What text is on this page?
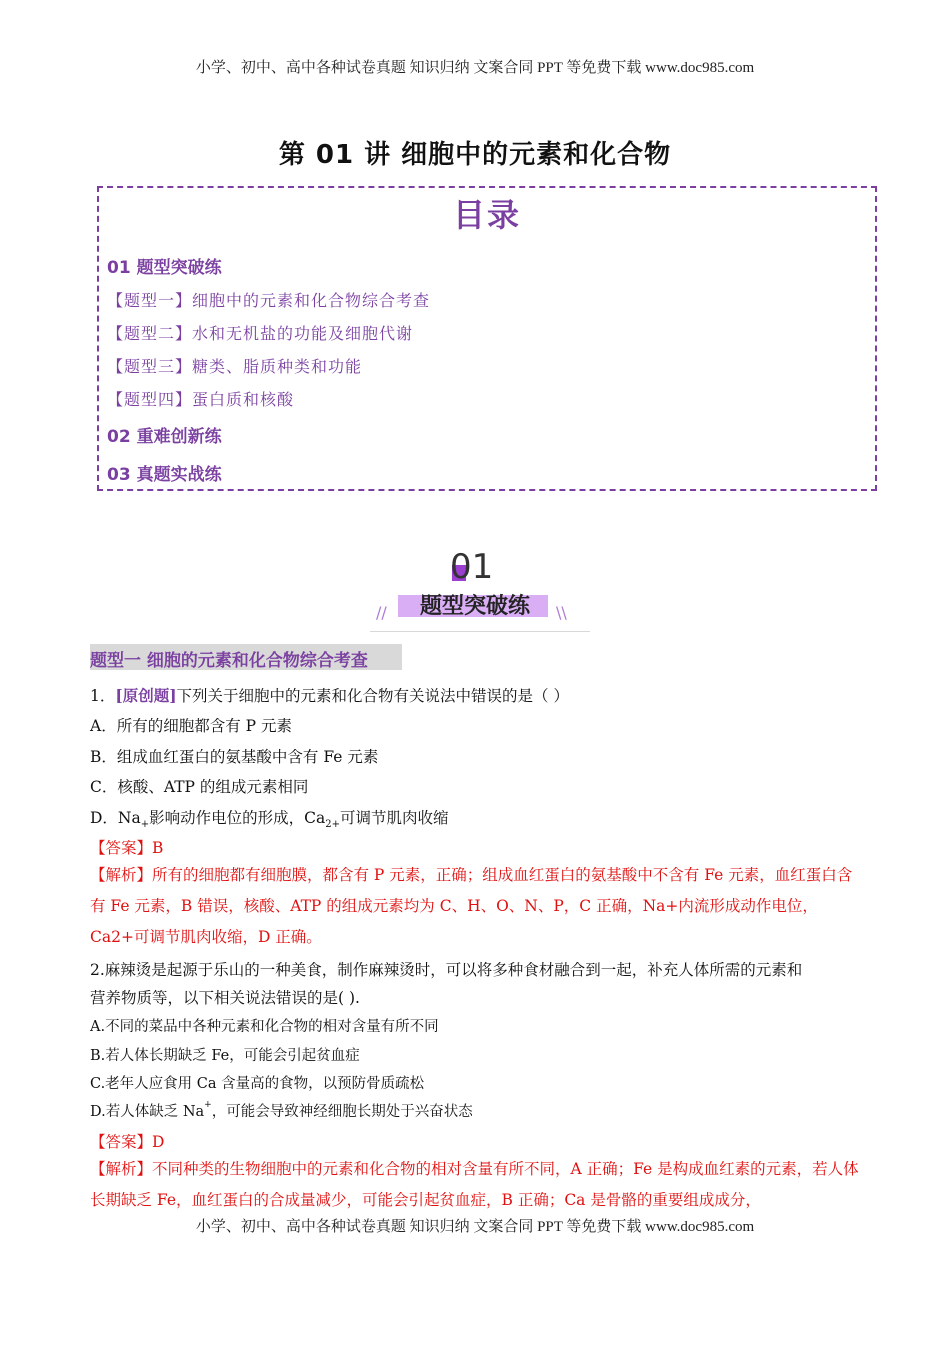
小学、初中、高中各种试卷真题 知识归纳 文案合同 PPT 等免费下载 www.doc985.com
第 01 讲 细胞中的元素和化合物
目录
01 题型突破练
【题型一】细胞中的元素和化合物综合考查
【题型二】水和无机盐的功能及细胞代谢
【题型三】糖类、脂质种类和功能
【题型四】蛋白质和核酸
02 重难创新练
03 真题实战练
01
题型突破练
//	\\
题型一 细胞的元素和化合物综合考查
1．[原创题]下列关于细胞中的元素和化合物有关说法中错误的是（ ）
A．所有的细胞都含有 P 元素
B．组成血红蛋白的氨基酸中含有 Fe 元素
C．核酸、ATP 的组成元素相同
D．$Na_+$影响动作电位的形成，$Ca_{2+}$可调节肌肉收缩
【答案】B
【解析】所有的细胞都有细胞膜，都含有 P 元素，正确；组成血红蛋白的氨基酸中不含有 Fe 元素，血红蛋白含有 Fe 元素，B 错误，核酸、ATP 的组成元素均为 C、H、O、N、P，C 正确，Na+内流形成动作电位，Ca2+可调节肌肉收缩，D 正确。
2.麻辣烫是起源于乐山的一种美食，制作麻辣烫时，可以将多种食材融合到一起，补充人体所需的元素和
营养物质等，以下相关说法错误的是( ).
A.不同的菜品中各种元素和化合物的相对含量有所不同
B.若人体长期缺乏 Fe，可能会引起贫血症
C.老年人应食用 Ca 含量高的食物，以预防骨质疏松
D.若人体缺乏 Na+，可能会导致神经细胞长期处于兴奋状态
【答案】D
【解析】不同种类的生物细胞中的元素和化合物的相对含量有所不同，A 正确；Fe 是构成血红素的元素，若人体长期缺乏 Fe，血红蛋白的合成量减少，可能会引起贫血症，B 正确；Ca 是骨骼的重要组成成分，
小学、初中、高中各种试卷真题 知识归纳 文案合同 PPT 等免费下载 www.doc985.com
